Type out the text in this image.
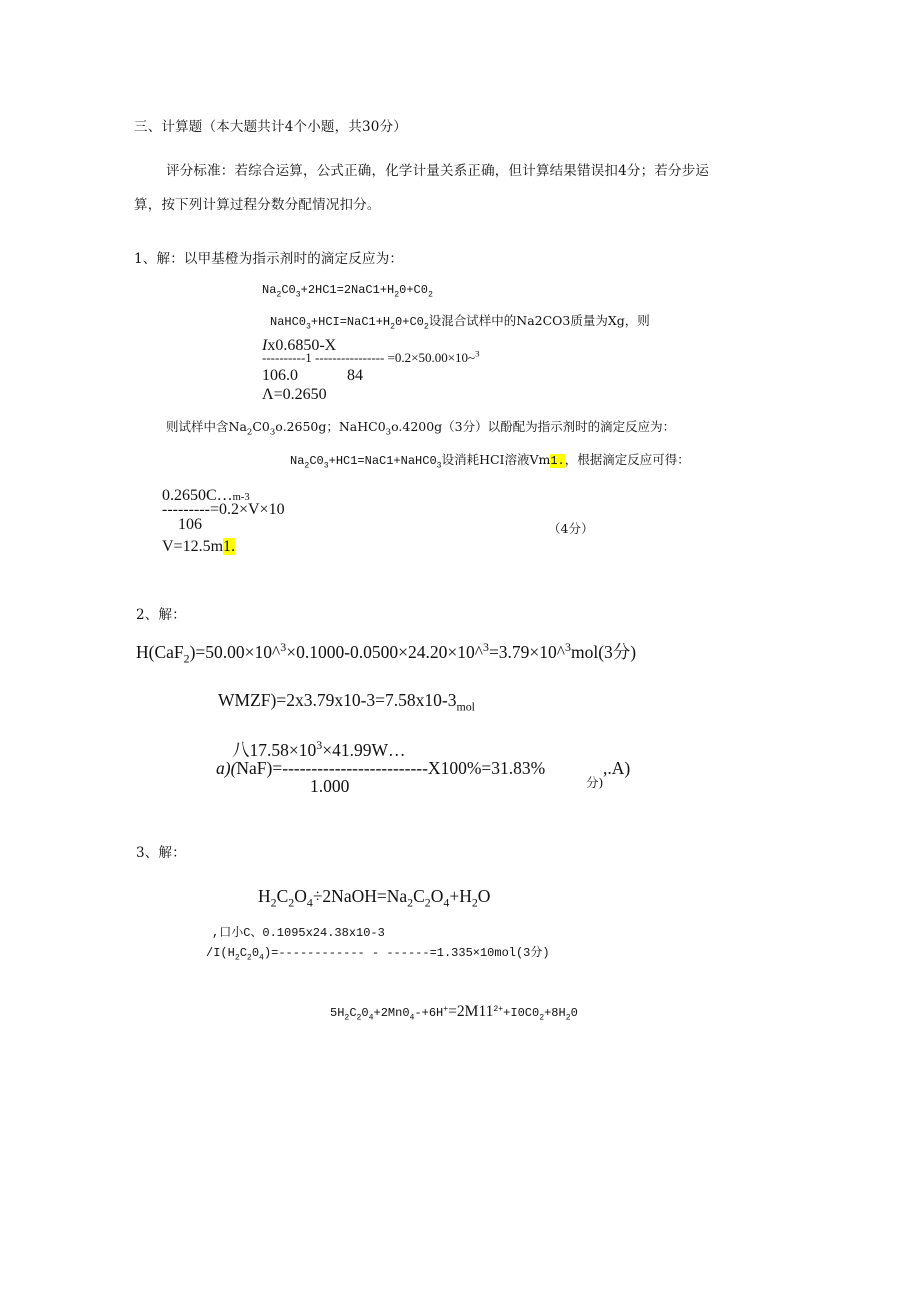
三、计算题（本大题共计4个小题，共30分）
评分标准：若综合运算，公式正确，化学计量关系正确，但计算结果错误扣4分；若分步运
算，按下列计算过程分数分配情况扣分。
1、解：以甲基橙为指示剂时的滴定反应为：
$Na_2C0_3+2HC1=2NaC1+H_20+C0_2$
$NaHC0_3+HCI=NaC1+H_20+C0_2$设混合试样中的Na2CO3质量为Xg，则
Ix0.6850-X
----------1 ---------------- =0.2×50.00×10~$^3$
106.0	84
Λ=0.2650
则试样中含$Na_2C0_3o.2650g$；$NaHC0_3o.4200g(3$分）以酚配为指示剂时的滴定反应为：
$Na_2C0_3+HC1=NaC1+NaHC0_3$设消耗HCI溶液Vm1.，根据滴定反应可得：
0.2650C…m-3
---------=0.2×V×10
106	（4分）
V=12.5m1.
2、解：
H(CaF$_2$)=50.00×10^$^3$×0.1000-0.0500×24.20×10^$^3$=3.79×10^$^3$mol(3分)
$WMZF)=2x3.79x10-3=7.58x10-3_{mol}$
八$17.58\times 10^3\times 41.99W\dots$
a)(NaF)=-------------------------X100%=31.83%	,.A)
1.000	分)
3、解：
$H_2C_2O_4\div 2NaOH=Na_2C_2O_4+H_2O$
,口小C、0.1095x24.38x10-3
$/I(H_2C_20_4)=------------ - ------=1.335\times 10mol(3$分)
$5H_2C_20_4+2Mn0_4-+6H^+=2M11^{2+}+I0C0_2+8H_20$
